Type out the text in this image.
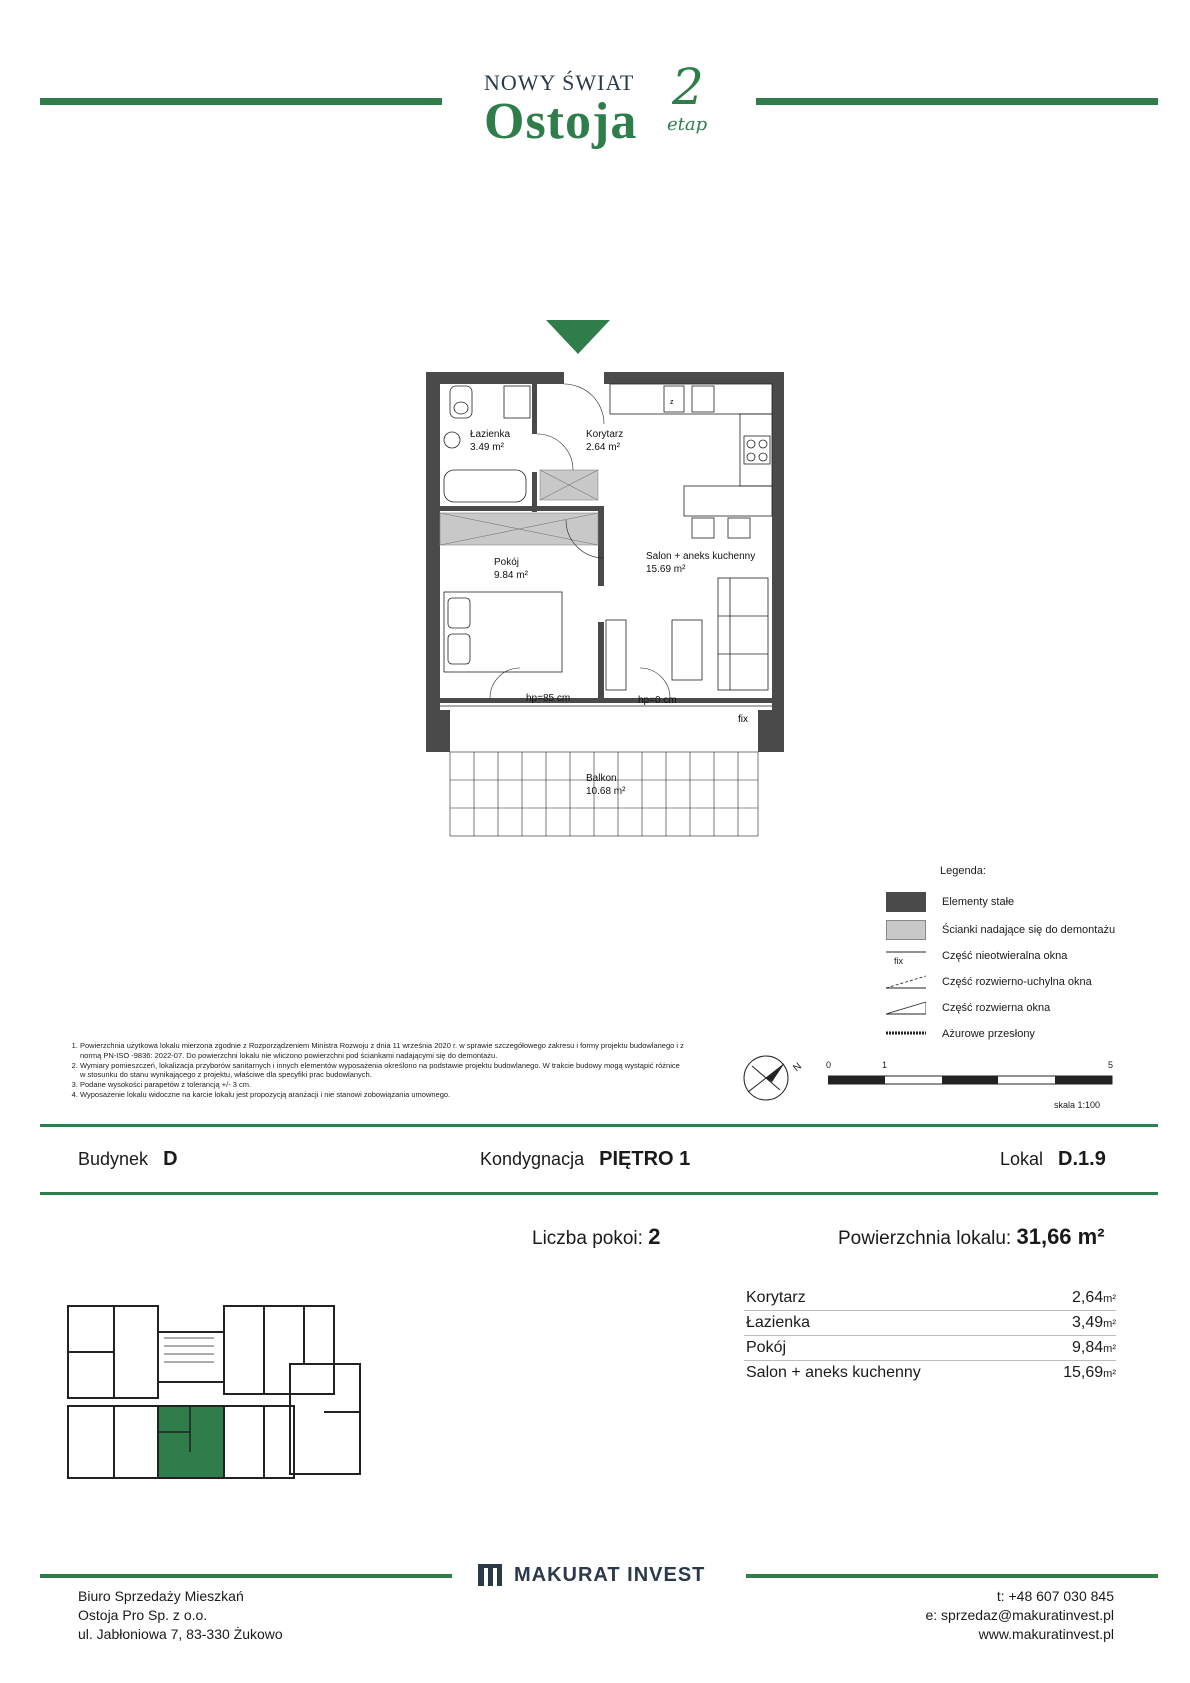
NOWY ŚWIAT
Ostoja
2
etap
z
fix
Łazienka
3.49 m²
Korytarz
2.64 m²
Pokój
9.84 m²
Salon + aneks kuchenny
15.69 m²
Balkon
10.68 m²
hp=85 cm	hp=0 cm
Legenda:
Elementy stałe
Ścianki nadające się do demontażu
fix	Część nieotwieralna okna
Część rozwierno-uchylna okna
Część rozwierna okna
Ażurowe przesłony
1. Powierzchnia użytkowa lokalu mierzona zgodnie z Rozporządzeniem Ministra Rozwoju z dnia 11 września 2020 r. w sprawie szczegółowego zakresu i formy projektu budowlanego i z normą PN-ISO -9836: 2022-07. Do powierzchni lokalu nie wliczono powierzchni pod ściankami nadającymi się do demontażu.
2. Wymiary pomieszczeń, lokalizacja przyborów sanitarnych i innych elementów wyposażenia określono na podstawie projektu budowlanego. W trakcie budowy mogą wystąpić różnice w stosunku do stanu wynikającego z projektu, właściwe dla specyfiki prac budowlanych.
3. Podane wysokości parapetów z tolerancją +/- 3 cm.
4. Wyposażenie lokalu widoczne na karcie lokalu jest propozycją aranżacji i nie stanowi zobowiązania umownego.
N 0	1	5
skala 1:100
Budynek D	Kondygnacja PIĘTRO 1	Lokal D.1.9
Liczba pokoi: 2	Powierzchnia lokalu: 31,66 m²
Korytarz	2,64m²
Łazienka	3,49m²
Pokój	9,84m²
Salon + aneks kuchenny	15,69m²
MAKURAT INVEST
Biuro Sprzedaży Mieszkań
Ostoja Pro Sp. z o.o.
ul. Jabłoniowa 7, 83-330 Żukowo
t: +48 607 030 845
e: sprzedaz@makuratinvest.pl
www.makuratinvest.pl
